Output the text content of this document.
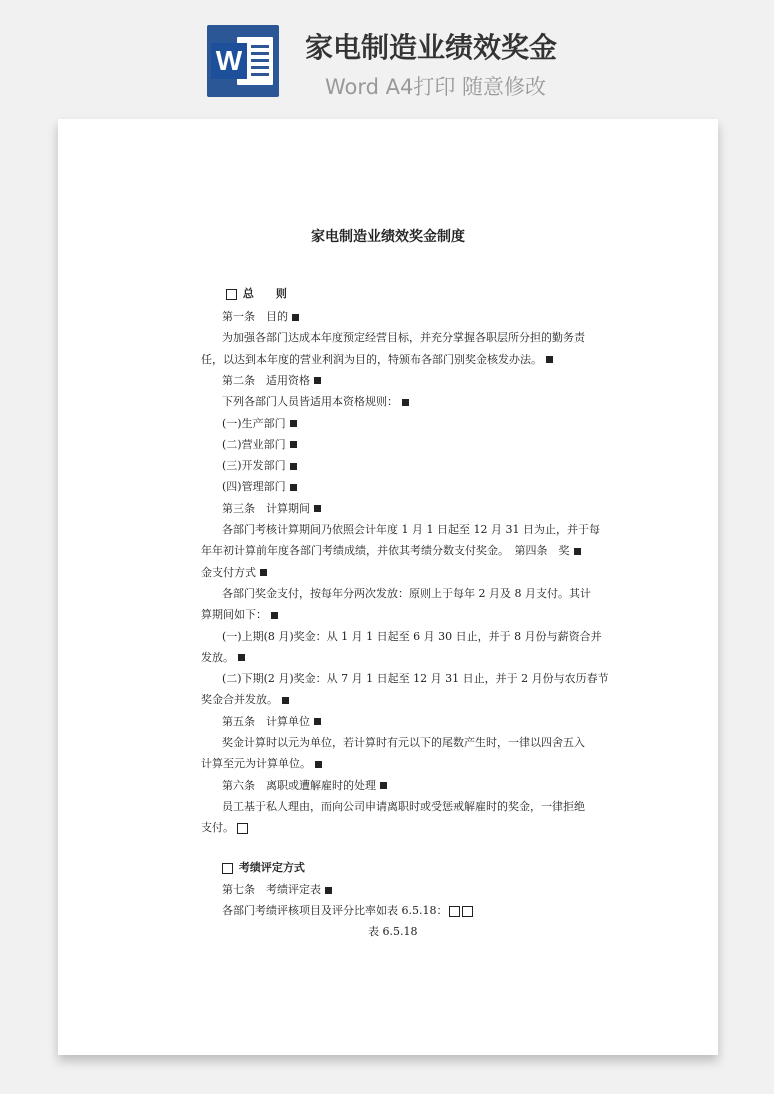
W 家电制造业绩效奖金
Word A4打印 随意修改
家电制造业绩效奖金制度
总　　则
第一条　目的
为加强各部门达成本年度预定经营目标，并充分掌握各职层所分担的勤务责
任，以达到本年度的营业利润为目的，特颁布各部门别奖金核发办法。
第二条　适用资格
下列各部门人员皆适用本资格规则：
(一)生产部门
(二)营业部门
(三)开发部门
(四)管理部门
第三条　计算期间
各部门考核计算期间乃依照会计年度 1 月 1 日起至 12 月 31 日为止，并于每
年年初计算前年度各部门考绩成绩，并依其考绩分数支付奖金。　第四条　奖
金支付方式
各部门奖金支付，按每年分两次发放：原则上于每年 2 月及 8 月支付。其计
算期间如下：
(一)上期(8 月)奖金：从 1 月 1 日起至 6 月 30 日止，并于 8 月份与薪资合并
发放。
(二)下期(2 月)奖金：从 7 月 1 日起至 12 月 31 日止，并于 2 月份与农历春节
奖金合并发放。
第五条　计算单位
奖金计算时以元为单位，若计算时有元以下的尾数产生时，一律以四舍五入
计算至元为计算单位。
第六条　离职或遭解雇时的处理
员工基于私人理由，而向公司申请离职时或受惩戒解雇时的奖金，一律拒绝
支付。
考绩评定方式
第七条　考绩评定表
各部门考绩评核项目及评分比率如表 6.5.18：
表 6.5.18
